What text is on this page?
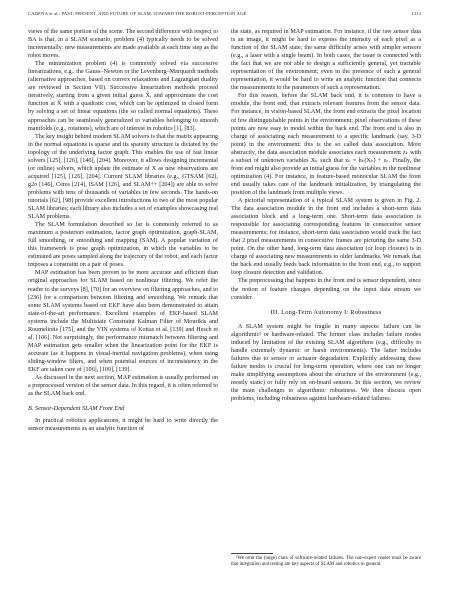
CADENA et al.: PAST, PRESENT, AND FUTURE OF SLAM: TOWARD THE ROBUST-PERCEPTION AGE	1313

views of the same portion of the scene. The second difference with respect to BA is that, in a SLAM scenario, problem (4) typically needs to be solved incrementally: new measurements are made available at each time step as the robot moves.

The minimization problem (4) is commonly solved via successive linearizations, e.g., the Gauss–Newton or the Levenberg–Marquardt methods (alternative approaches, based on convex relaxations and Lagrangian duality are reviewed in Section VII). Successive linearization methods proceed iteratively, starting from a given initial guess X̂, and approximate the cost function at X̂ with a quadratic cost, which can be optimized in closed form by solving a set of linear equations (the so called normal equations). These approaches can be seamlessly generalized to variables belonging to smooth manifolds (e.g., rotations), which are of interest in robotics [1], [83].

The key insight behind modern SLAM solvers is that the matrix appearing in the normal equations is sparse and its sparsity structure is dictated by the topology of the underlying factor graph. This enables the use of fast linear solvers [125], [126], [146], [204]. Moreover, it allows designing incremental (or online) solvers, which update the estimate of X as new observations are acquired [125], [126], [204]. Current SLAM libraries (e.g., GTSAM [62], g2o [146], Ceres [214], iSAM [126], and SLAM++ [204]) are able to solve problems with tens of thousands of variables in few seconds. The hands-on tutorials [62], [98] provide excellent introductions to two of the most popular SLAM libraries; each library also includes a set of examples showcasing real SLAM problems.

The SLAM formulation described so far is commonly referred to as maximum a posteriori estimation, factor graph optimization, graph-SLAM, full smoothing, or smoothing and mapping (SAM). A popular variation of this framework is pose graph optimization, in which the variables to be estimated are poses sampled along the trajectory of the robot, and each factor imposes a constraint on a pair of poses.

MAP estimation has been proven to be more accurate and efficient than original approaches for SLAM based on nonlinear filtering. We refer the reader to the surveys [8], [70] for an overview on filtering approaches, and to [236] for a comparison between filtering and smoothing. We remark that some SLAM systems based on EKF have also been demonstrated to attain state-of-the-art performance. Excellent examples of EKF-based SLAM systems include the Multistate Constraint Kalman Filter of Mourikis and Roumeliotis [175], and the VIN systems of Kottas et al. [139] and Hesch et al. [106]. Not surprisingly, the performance mismatch between filtering and MAP estimation gets smaller when the linearization point for the EKF is accurate (as it happens in visual-inertial navigation problems), when using sliding-window filters, and when potential sources of inconsistency in the EKF are taken care of [106], [109], [139].

As discussed in the next section, MAP estimation is usually performed on a preprocessed version of the sensor data. In this regard, it is often referred to as the SLAM back end.

B. Sensor-Dependent SLAM Front End

In practical robotics applications, it might be hard to write directly the sensor measurements as an analytic function of

the state, as required in MAP estimation. For instance, if the raw sensor data is an image, it might be hard to express the intensity of each pixel as a function of the SLAM state; the same difficulty arises with simpler sensors (e.g., a laser with a single beam). In both cases, the issue is connected with the fact that we are not able to design a sufficiently general, yet tractable representation of the environment; even in the presence of such a general representation, it would be hard to write an analytic function that connects the measurements to the parameters of such a representation.

For this reason, before the SLAM back end, it is common to have a module, the front end, that extracts relevant features from the sensor data. For instance, in vision-based SLAM, the front end extracts the pixel location of few distinguishable points in the environment; pixel observations of these points are now easy to model within the back end. The front end is also in charge of associating each measurement to a specific landmark (say, 3-D point) in the environment: this is the so called data association. More abstractly, the data association module associates each measurement zₖ with a subset of unknown variables Xₖ such that zₖ = hₖ(Xₖ) + εₖ. Finally, the front end might also provide an initial guess for the variables in the nonlinear optimization (4). For instance, in feature-based monocular SLAM the front end usually takes care of the landmark initialization, by triangulating the position of the landmark from multiple views.

A pictorial representation of a typical SLAM system is given in Fig. 2. The data association module in the front end includes a short-term data association block and a long-term one. Short-term data association is responsible for associating corresponding features in consecutive sensor measurements; for instance, short-term data association would track the fact that 2 pixel measurements in consecutive frames are picturing the same 3-D point. On the other hand, long-term data association (or loop closure) is in charge of associating new measurements to older landmarks. We remark that the back end usually feeds back information to the front end, e.g., to support loop closure detection and validation.

The preprocessing that happens in the front end is sensor dependent, since the notion of feature changes depending on the input data stream we consider.

III. Long-Term Autonomy I: Robustness

A SLAM system might be fragile in many aspects: failure can be algorithmic² or hardware-related. The former class includes failure modes induced by limitation of the existing SLAM algorithms (e.g., difficulty to handle extremely dynamic or harsh environments). The latter includes failures due to sensor or actuator degradation. Explicitly addressing these failure modes is crucial for long-term operation, where one can no longer make simplifying assumptions about the structure of the environment (e.g., mostly static) or fully rely on on-board sensors. In this section, we review the main challenges to algorithmic robustness. We then discuss open problems, including robustness against hardware-related failures.

²We omit the (large) class of software-related failures. The non-expert reader must be aware that integration and testing are key aspects of SLAM and robotics in general.
